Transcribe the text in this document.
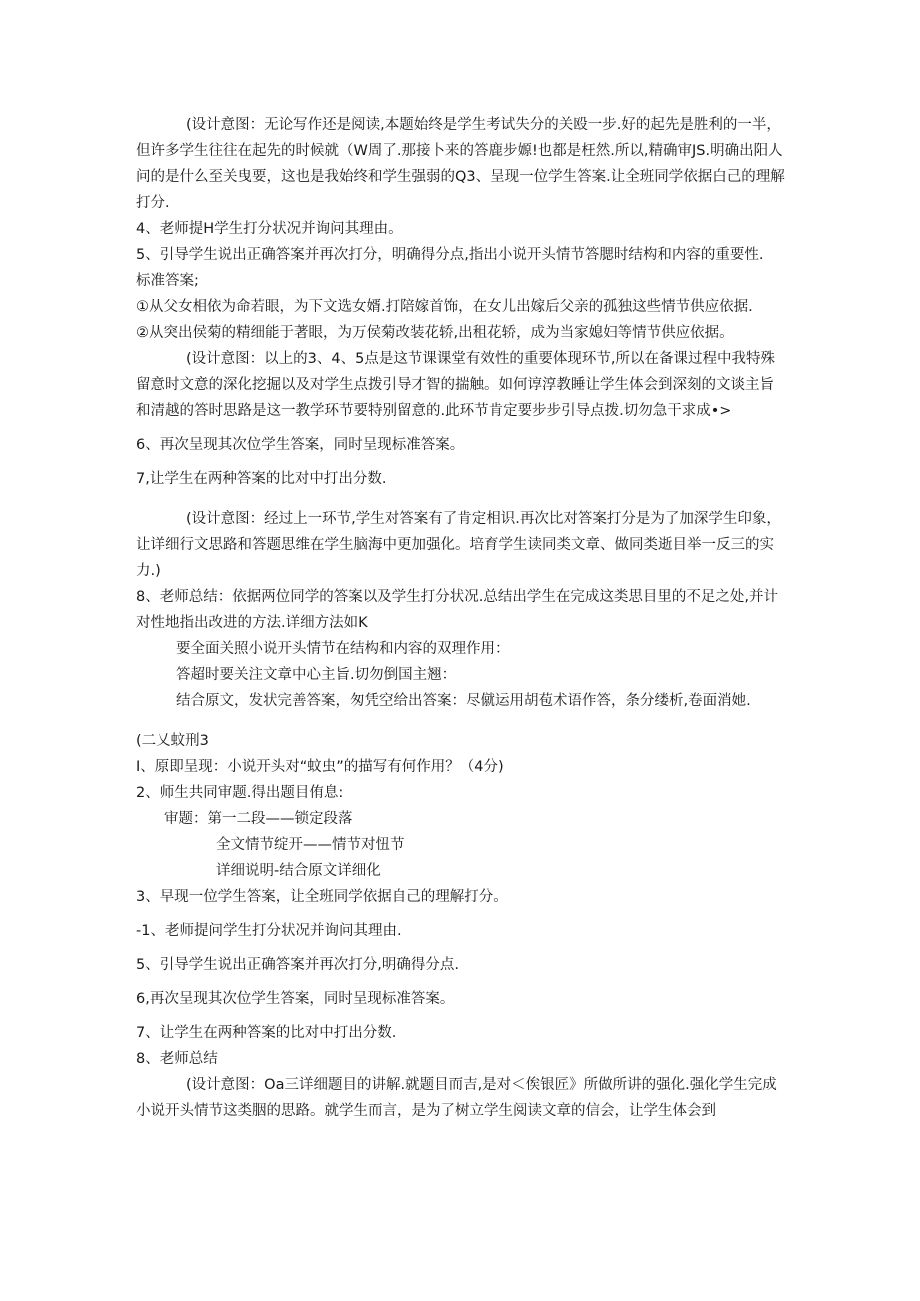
(设计意图：无论写作还是阅读,本题始终是学生考试失分的关殴一步.好的起先是胜利的一半，但许多学生往往在起先的时候就（W周了.那接卜来的答鹿步嫄!也都是枉然.所以,精确审JS.明确出阳人问的是什么至关曳要，这也是我始终和学生强弱的Q3、呈现一位学生答案.让全班同学依据白己的理解打分.

4、老师提H学生打分状况并询问其理由。

5、引导学生说出正确答案并再次打分，明确得分点,指出小说开头情节答腮时结构和内容的重要性.

标准答案;

①从父女相依为命若眼，为下文选女婿.打陪嫁首饰，在女儿出嫁后父亲的孤独这些情节供应依据.

②从突出侯菊的精细能于著眼，为万侯菊改装花轿,出租花轿，成为当家媳妇等情节供应依据。

(设计意图：以上的3、4、5点是这节课课堂有效性的重要体现环节,所以在备课过程中我特殊留意时文意的深化挖掘以及对学生点拨引导才智的揣触。如何谆淳教睡让学生体会到深刻的文谈主旨和清越的答时思路是这一教学环节要特别留意的.此环节肯定要步步引导点拨.切勿急干求成•>

6、再次呈现其次位学生答案，同时呈现标准答案。

7,让学生在两种答案的比对中打出分数.

(设计意图：经过上一环节,学生对答案有了肯定相识.再次比对答案打分是为了加深学生印象，让详细行文思路和答题思维在学生脑海中更加强化。培育学生读同类文章、做同类逝目举一反三的实力.)

8、老师总结：依据两位同学的答案以及学生打分状况.总结出学生在完成这类思目里的不足之处,并计对性地指出改进的方法.详细方法如K

要全面关照小说开头情节在结构和内容的双理作用：

答超时要关注文章中心主旨.切勿倒国主翘：

结合原文，发状完善答案，匆凭空给出答案：尽僦运用胡苞术语作答，条分缕析,卷面消她.

(二乂蚊刑3

I、原即呈现：小说开头对“蚊虫”的描写有何作用？（4分)

2、师生共同审题.得出题目侑息:

审题：第一二段——锁定段落

全文情节绽开——情节对忸节

详细说明-结合原文详细化

3、早现一位学生答案，让全班同学依据自己的理解打分。

-1、老师提问学生打分状况并询问其理由.

5、引导学生说出正确答案并再次打分,明确得分点.

6,再次呈现其次位学生答案，同时呈现标准答案。

7、让学生在两种答案的比对中打出分数.

8、老师总结

(设计意图：Oa三详细题目的讲解.就题目而吉,是对＜俟银匠》所做所讲的强化.强化学生完成小说开头情节这类胭的思路。就学生而言，是为了树立学生阅读文章的信会，让学生体会到
